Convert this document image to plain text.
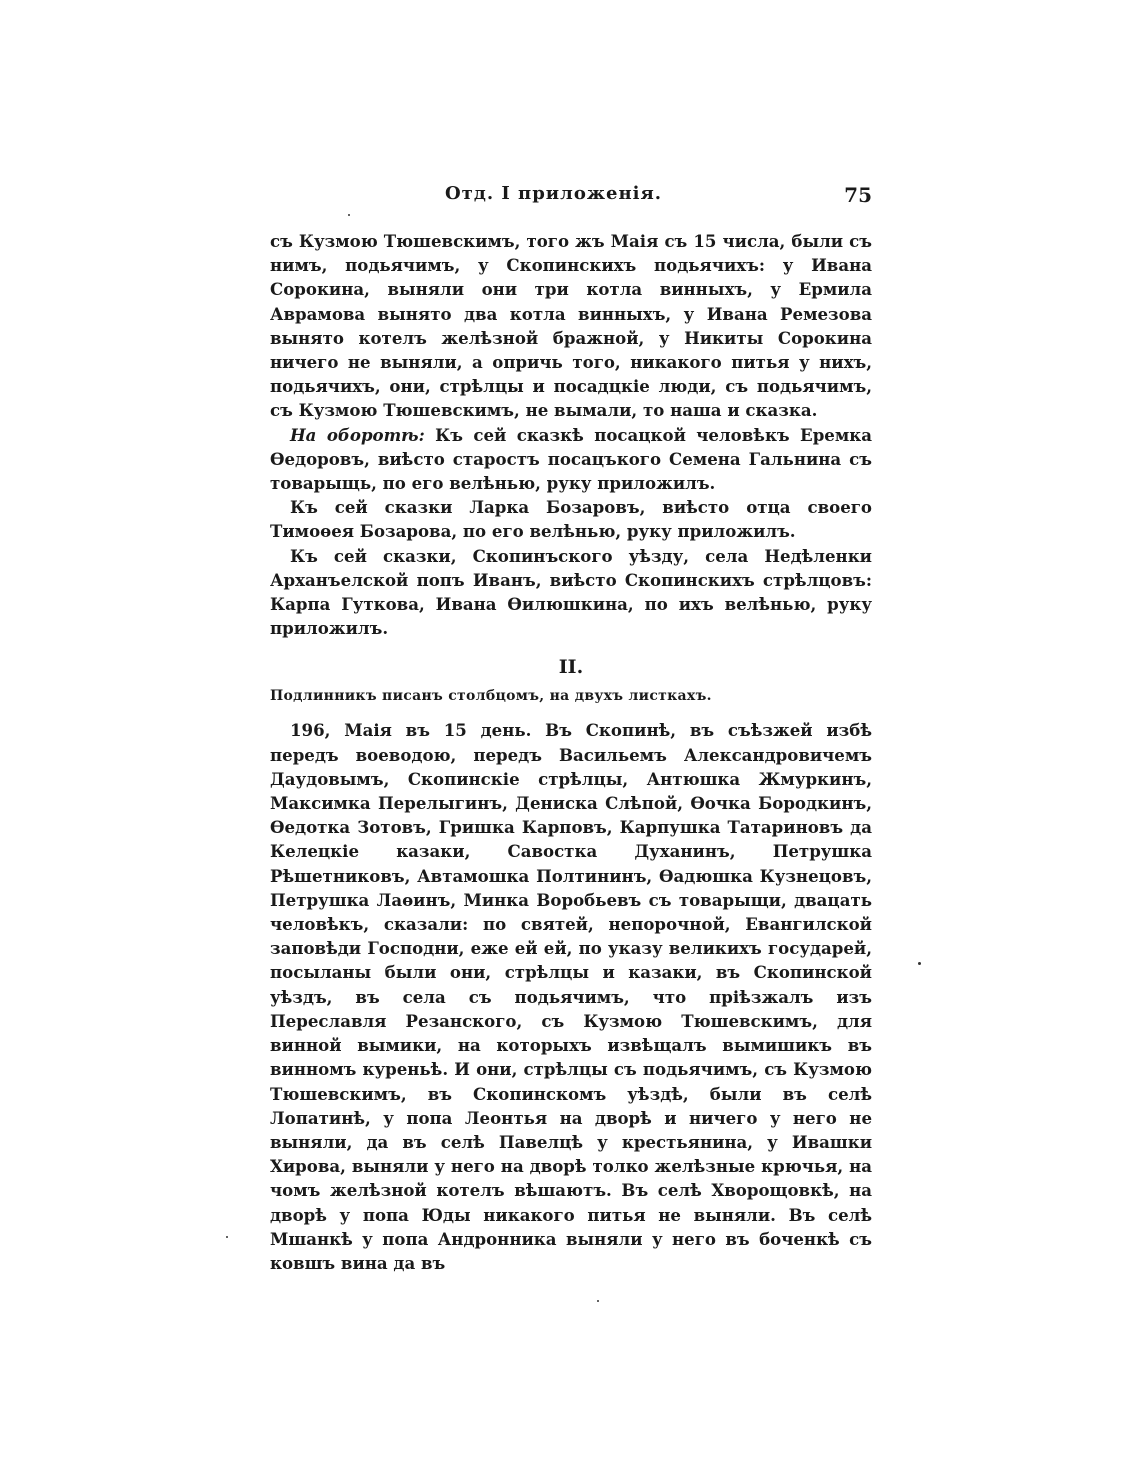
Отд. I приложенія.	75

съ Кузмою Тюшевскимъ, того жъ Маія съ 15 числа, были съ нимъ, подьячимъ, у Скопинскихъ подьячихъ: у Ивана Сорокина, выняли они три котла винныхъ, у Ермила Аврамова вынято два котла винныхъ, у Ивана Ремезова вынято котелъ желѣзной бражной, у Никиты Сорокина ничего не выняли, а опричь того, никакого питья у нихъ, подьячихъ, они, стрѣлцы и посадцкіе люди, съ подьячимъ, съ Кузмою Тюшевскимъ, не вымали, то наша и сказка.

На оборотѣ: Къ сей сказкѣ посацкой человѣкъ Еремка Өедоровъ, виѣсто старостъ посацъкого Семена Гальнина съ товарыщь, по его велѣнью, руку приложилъ.

Къ сей сказки Ларка Бозаровъ, виѣсто отца своего Тимоөея Бозарова, по его велѣнью, руку приложилъ.

Къ сей сказки, Скопинъского уѣзду, села Недѣленки Арханъелской попъ Иванъ, виѣсто Скопинскихъ стрѣлцовъ: Карпа Гуткова, Ивана Өилюшкина, по ихъ велѣнью, руку приложилъ.

II.

Подлинникъ писанъ столбцомъ, на двухъ листкахъ.

196, Маія въ 15 день. Въ Скопинѣ, въ съѣзжей избѣ передъ воеводою, передъ Васильемъ Александровичемъ Даудовымъ, Скопинскіе стрѣлцы, Антюшка Жмуркинъ, Максимка Перелыгинъ, Дениска Слѣпой, Өочка Бородкинъ, Өедотка Зотовъ, Гришка Карповъ, Карпушка Татариновъ да Келецкіе казаки, Савостка Духанинъ, Петрушка Рѣшетниковъ, Автамошка Полтининъ, Өадюшка Кузнецовъ, Петрушка Лаөинъ, Минка Воробьевъ съ товарыщи, двацать человѣкъ, сказали: по святей, непорочной, Евангилской заповѣди Господни, еже ей ей, по указу великихъ государей, посыланы были они, стрѣлцы и казаки, въ Скопинской уѣздъ, въ села съ подьячимъ, что пріѣзжалъ изъ Переславля Резанского, съ Кузмою Тюшевскимъ, для винной вымики, на которыхъ извѣщалъ вымишикъ въ винномъ куреньѣ. И они, стрѣлцы съ подьячимъ, съ Кузмою Тюшевскимъ, въ Скопинскомъ уѣздѣ, были въ селѣ Лопатинѣ, у попа Леонтья на дворѣ и ничего у него не выняли, да въ селѣ Павелцѣ у крестьянина, у Ивашки Хирова, выняли у него на дворѣ толко желѣзные крючья, на чомъ желѣзной котелъ вѣшаютъ. Въ селѣ Хворощовкѣ, на дворѣ у попа Юды никакого питья не выняли. Въ селѣ Мшанкѣ у попа Андронника выняли у него въ боченкѣ съ ковшъ вина да въ
